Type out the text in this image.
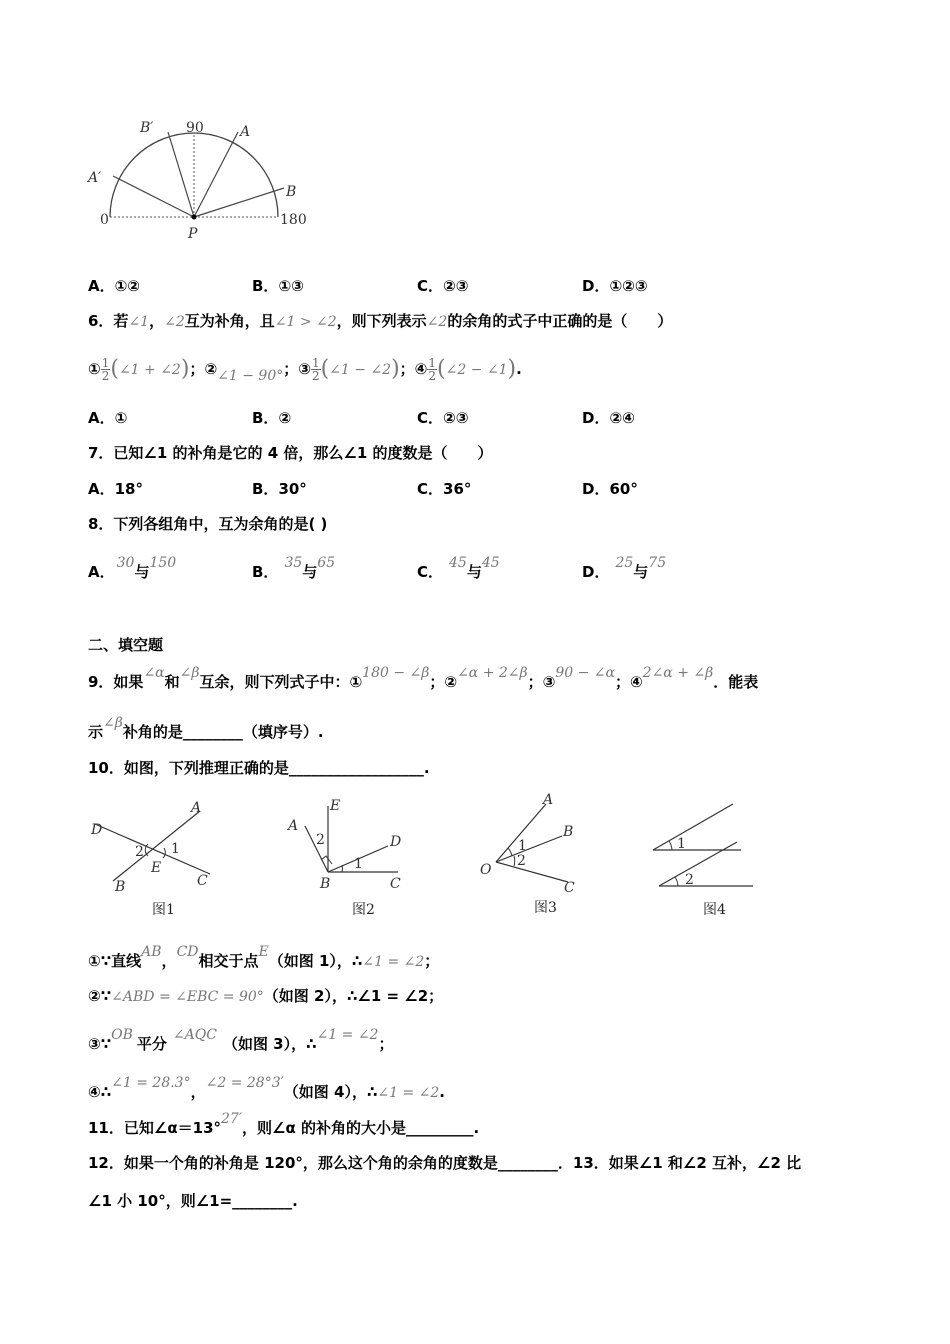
B′ 90	A
A′
B
0	180
P
A．①②	B．①③	C．②③	D．①②③
6．若∠1，∠2互为补角，且∠1 > ∠2，则下列表示∠2的余角的式子中正确的是（　　）
① $\frac{1}{2}$ (∠1 + ∠2)；②∠1 − 90°；③ $\frac{1}{2}$ (∠1 − ∠2)；④ $\frac{1}{2}$ (∠2 − ∠1).
A．①	B．②	C．②③	D．②④
7．已知∠1 的补角是它的 4 倍，那么∠1 的度数是（　　）
A．18°	B．30°	C．36°	D．60°
8．下列各组角中，互为余角的是( )
A． 30与150	B． 35与65	C． 45与45	D． 25与75
二、填空题
9．如果∠α和∠β互余，则下列式子中：①180 − ∠β；②∠α + 2∠β；③90 − ∠α；④2∠α + ∠β．能表
示∠β补角的是________（填序号）.
10．如图，下列推理正确的是__________________.
A
D
2 1
E
B	C
图1
E
A
2	D
1
B	C
图2
A
B
1
2
O
C
图3
1
2
图4
①∵直线AB，CD相交于点E（如图 1），∴∠1 = ∠2；
②∵∠ABD = ∠EBC = 90°（如图 2），∴∠1 = ∠2；
③∵OB 平分 ∠AQC （如图 3），∴∠1 = ∠2；
④∴∠1 = 28.3°，∠2 = 28°3′（如图 4），∴∠1 = ∠2.
11．已知∠α＝13°27′，则∠α 的补角的大小是_________.
12．如果一个角的补角是 120°，那么这个角的余角的度数是________．13．如果∠1 和∠2 互补，∠2 比
∠1 小 10°，则∠1=________.
